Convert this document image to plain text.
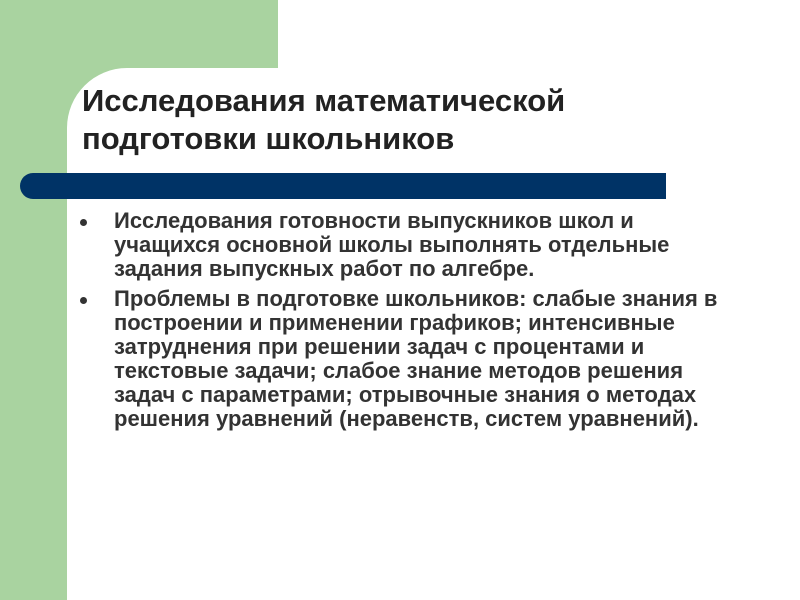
Исследования математической подготовки школьников
Исследования готовности выпускников школ и учащихся основной школы выполнять отдельные задания выпускных работ по алгебре.
Проблемы в подготовке школьников: слабые знания в построении и применении графиков; интенсивные затруднения при решении задач с процентами и текстовые задачи; слабое знание методов решения задач с параметрами; отрывочные знания о методах решения уравнений (неравенств, систем уравнений).
